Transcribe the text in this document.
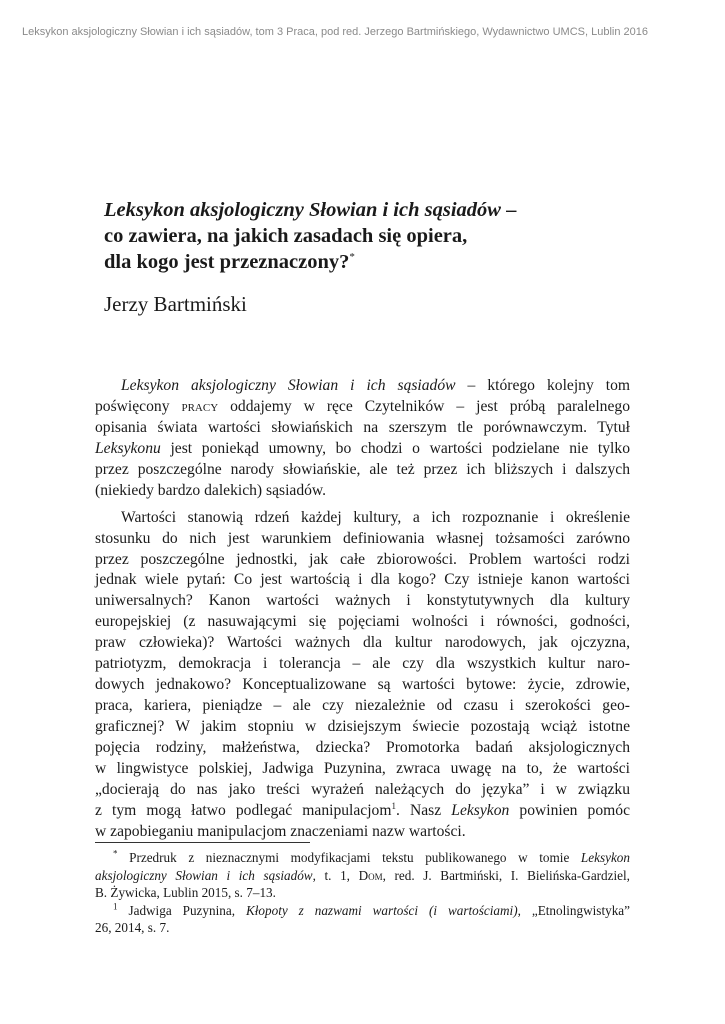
Leksykon aksjologiczny Słowian i ich sąsiadów, tom 3 Praca, pod red. Jerzego Bartmińskiego, Wydawnictwo UMCS, Lublin 2016
Leksykon aksjologiczny Słowian i ich sąsiadów –
co zawiera, na jakich zasadach się opiera,
dla kogo jest przeznaczony?*
Jerzy Bartmiński
Leksykon aksjologiczny Słowian i ich sąsiadów – którego kolejny tom
poświęcony pracy oddajemy w ręce Czytelników – jest próbą paralelnego
opisania świata wartości słowiańskich na szerszym tle porównawczym. Tytuł
Leksykonu jest poniekąd umowny, bo chodzi o wartości podzielane nie tylko
przez poszczególne narody słowiańskie, ale też przez ich bliższych i dalszych
(niekiedy bardzo dalekich) sąsiadów.
Wartości stanowią rdzeń każdej kultury, a ich rozpoznanie i określenie
stosunku do nich jest warunkiem definiowania własnej tożsamości zarówno
przez poszczególne jednostki, jak całe zbiorowości. Problem wartości rodzi
jednak wiele pytań: Co jest wartością i dla kogo? Czy istnieje kanon wartości
uniwersalnych? Kanon wartości ważnych i konstytutywnych dla kultury
europejskiej (z nasuwającymi się pojęciami wolności i równości, godności,
praw człowieka)? Wartości ważnych dla kultur narodowych, jak ojczyzna,
patriotyzm, demokracja i tolerancja – ale czy dla wszystkich kultur naro-
dowych jednakowo? Konceptualizowane są wartości bytowe: życie, zdrowie,
praca, kariera, pieniądze – ale czy niezależnie od czasu i szerokości geo-
graficznej? W jakim stopniu w dzisiejszym świecie pozostają wciąż istotne
pojęcia rodziny, małżeństwa, dziecka? Promotorka badań aksjologicznych
w lingwistyce polskiej, Jadwiga Puzynina, zwraca uwagę na to, że wartości
„docierają do nas jako treści wyrażeń należących do języka” i w związku
z tym mogą łatwo podlegać manipulacjom$^1$. Nasz Leksykon powinien pomóc
w zapobieganiu manipulacjom znaczeniami nazw wartości.
* Przedruk z nieznacznymi modyfikacjami tekstu publikowanego w tomie Leksykon
aksjologiczny Słowian i ich sąsiadów, t. 1, Dom, red. J. Bartmiński, I. Bielińska-Gardziel,
B. Żywicka, Lublin 2015, s. 7–13.
$^1$ Jadwiga Puzynina, Kłopoty z nazwami wartości (i wartościami), „Etnolingwistyka”
26, 2014, s. 7.
